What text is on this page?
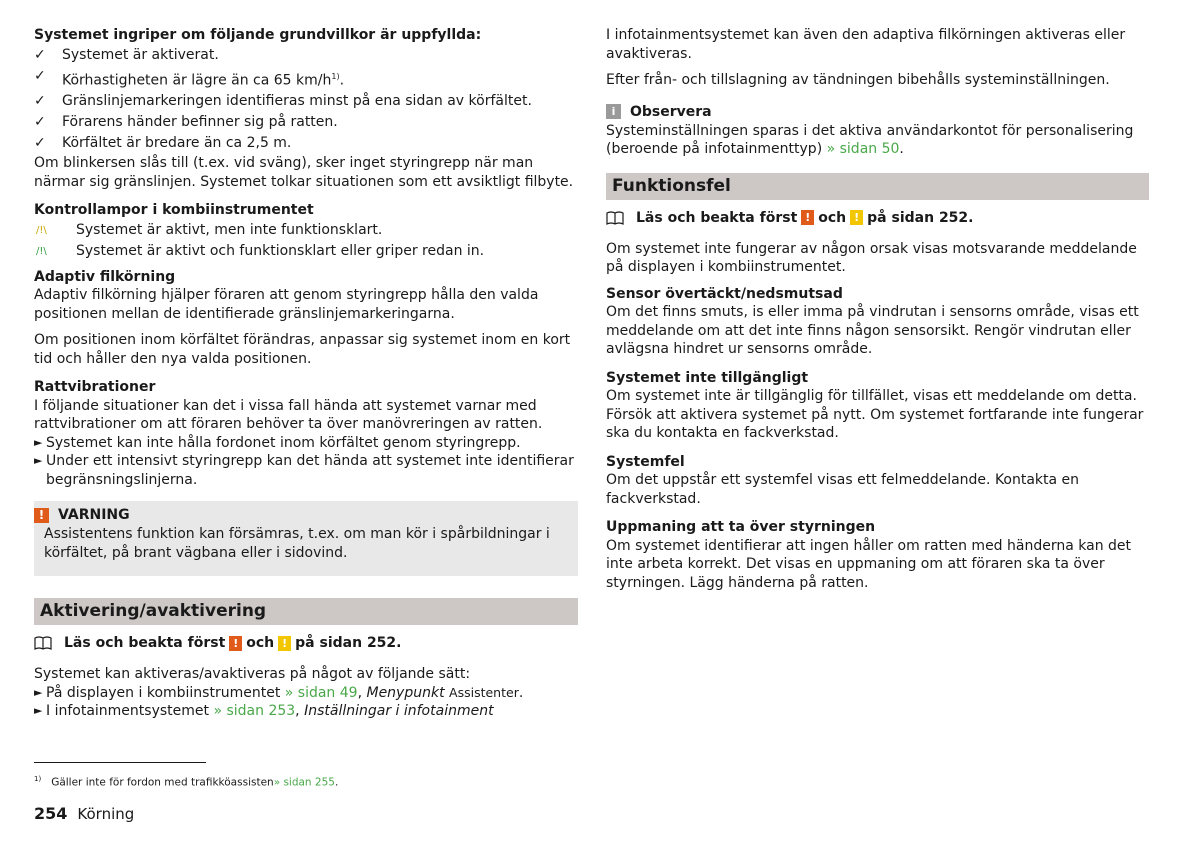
Systemet ingriper om följande grundvillkor är uppfyllda:

✓ Systemet är aktiverat.
✓ Körhastigheten är lägre än ca 65 $km/h^{1)}$.
✓ Gränslinjemarkeringen identifieras minst på ena sidan av körfältet.
✓ Förarens händer befinner sig på ratten.
✓ Körfältet är bredare än ca 2,5 m.

Om blinkersen slås till (t.ex. vid sväng), sker inget styringrepp när man närmar sig gränslinjen. Systemet tolkar situationen som ett avsiktligt filbyte.

Kontrollampor i kombiinstrumentet

/!\ Systemet är aktivt, men inte funktionsklart.
/!\ Systemet är aktivt och funktionsklart eller griper redan in.

Adaptiv filkörning

Adaptiv filkörning hjälper föraren att genom styringrepp hålla den valda positionen mellan de identifierade gränslinjemarkeringarna.

Om positionen inom körfältet förändras, anpassar sig systemet inom en kort tid och håller den nya valda positionen.

Rattvibrationer

I följande situationer kan det i vissa fall hända att systemet varnar med rattvibrationer om att föraren behöver ta över manövreringen av ratten.

► Systemet kan inte hålla fordonet inom körfältet genom styringrepp.
► Under ett intensivt styringrepp kan det hända att systemet inte identifierar begränsningslinjerna.
! VARNING

Assistentens funktion kan försämras, t.ex. om man kör i spårbildningar i körfältet, på brant vägbana eller i sidovind.

Aktivering/avaktivering
Läs och beakta först ! och ! på sidan 252.

Systemet kan aktiveras/avaktiveras på något av följande sätt:

► På displayen i kombiinstrumentet » sidan 49, Menypunkt Assistenter.
► I infotainmentsystemet » sidan 253, Inställningar i infotainment

I infotainmentsystemet kan även den adaptiva filkörningen aktiveras eller avaktiveras.

Efter från- och tillslagning av tändningen bibehålls systeminställningen.

i	Observera

Systeminställningen sparas i det aktiva användarkontot för personalisering (beroende på infotainmenttyp) » sidan 50.

Funktionsfel
Läs och beakta först ! och ! på sidan 252.

Om systemet inte fungerar av någon orsak visas motsvarande meddelande på displayen i kombiinstrumentet.

Sensor övertäckt/nedsmutsad

Om det finns smuts, is eller imma på vindrutan i sensorns område, visas ett meddelande om att det inte finns någon sensorsikt. Rengör vindrutan eller avlägsna hindret ur sensorns område.

Systemet inte tillgängligt

Om systemet inte är tillgänglig för tillfället, visas ett meddelande om detta. Försök att aktivera systemet på nytt. Om systemet fortfarande inte fungerar ska du kontakta en fackverkstad.

Systemfel

Om det uppstår ett systemfel visas ett felmeddelande. Kontakta en fackverkstad.

Uppmaning att ta över styrningen

Om systemet identifierar att ingen håller om ratten med händerna kan det inte arbeta korrekt. Det visas en uppmaning om att föraren ska ta över styrningen. Lägg händerna på ratten.

$^{1)}$ Gäller inte för fordon med trafikköassisten» sidan 255.
254 Körning
